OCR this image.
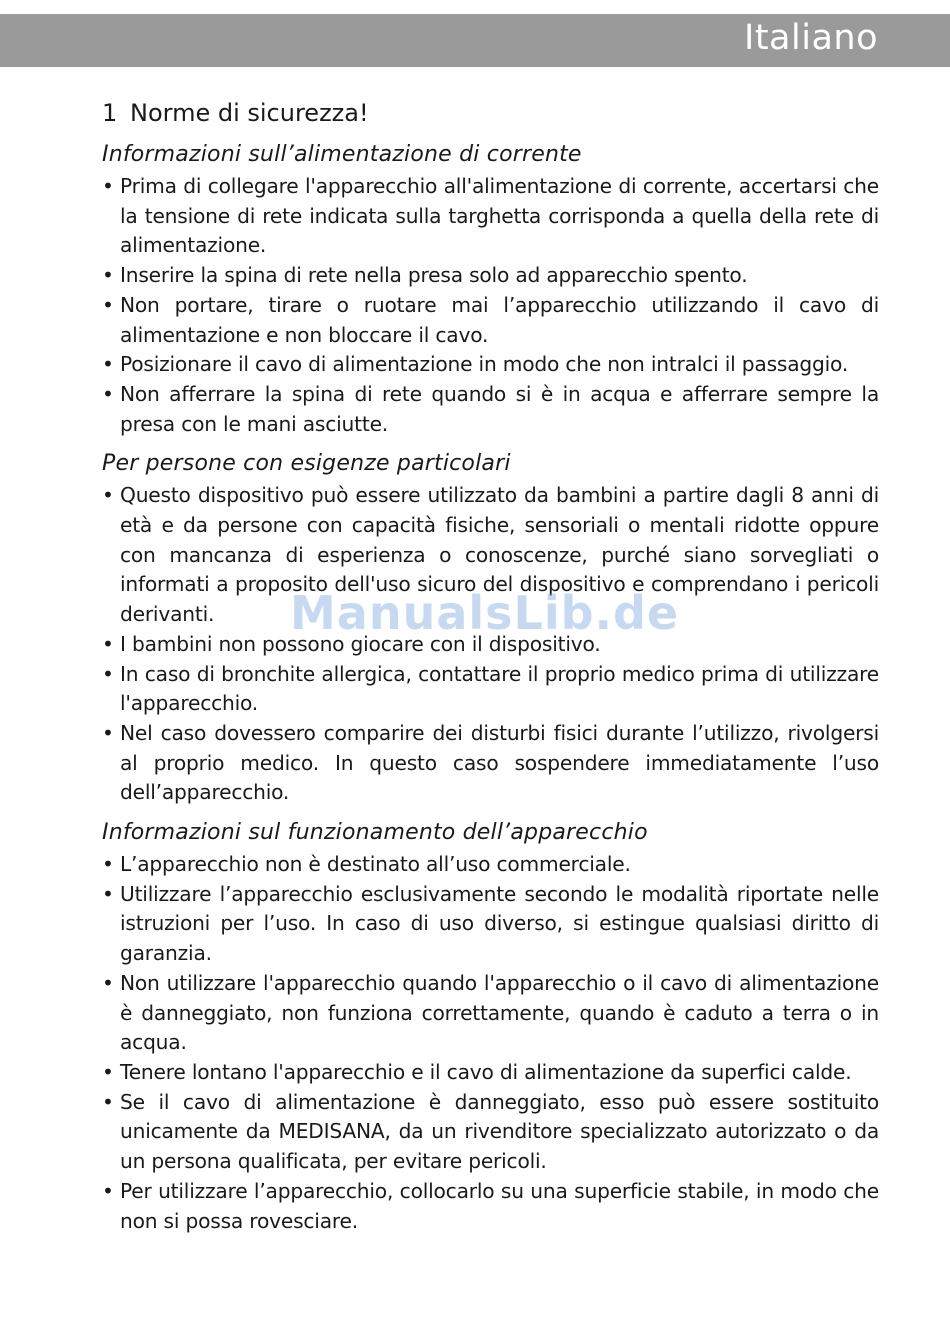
Italiano
1 Norme di sicurezza!
Informazioni sull’alimentazione di corrente
• Prima di collegare l'apparecchio all'alimentazione di corrente, accertarsi che la tensione di rete indicata sulla targhetta corrisponda a quella della rete di alimentazione.
• Inserire la spina di rete nella presa solo ad apparecchio spento.
• Non portare, tirare o ruotare mai l’apparecchio utilizzando il cavo di alimentazione e non bloccare il cavo.
• Posizionare il cavo di alimentazione in modo che non intralci il passaggio.
• Non afferrare la spina di rete quando si è in acqua e afferrare sempre la presa con le mani asciutte.
Per persone con esigenze particolari
• Questo dispositivo può essere utilizzato da bambini a partire dagli 8 anni di età e da persone con capacità fisiche, sensoriali o mentali ridotte oppure con mancanza di esperienza o conoscenze, purché siano sorvegliati o informati a proposito dell'uso sicuro del dispositivo e comprendano i pericoli derivanti.
• I bambini non possono giocare con il dispositivo.
• In caso di bronchite allergica, contattare il proprio medico prima di utilizzare l'apparecchio.
• Nel caso dovessero comparire dei disturbi fisici durante l’utilizzo, rivolgersi al proprio medico. In questo caso sospendere immediatamente l’uso dell’apparecchio.
Informazioni sul funzionamento dell’apparecchio
• L’apparecchio non è destinato all’uso commerciale.
• Utilizzare l’apparecchio esclusivamente secondo le modalità riportate nelle istruzioni per l’uso. In caso di uso diverso, si estingue qualsiasi diritto di garanzia.
• Non utilizzare l'apparecchio quando l'apparecchio o il cavo di alimentazione è danneggiato, non funziona correttamente, quando è caduto a terra o in acqua.
• Tenere lontano l'apparecchio e il cavo di alimentazione da superfici calde.
• Se il cavo di alimentazione è danneggiato, esso può essere sostituito unicamente da MEDISANA, da un rivenditore specializzato autorizzato o da un persona qualificata, per evitare pericoli.
• Per utilizzare l’apparecchio, collocarlo su una superficie stabile, in modo che non si possa rovesciare.
ManualsLib.de
